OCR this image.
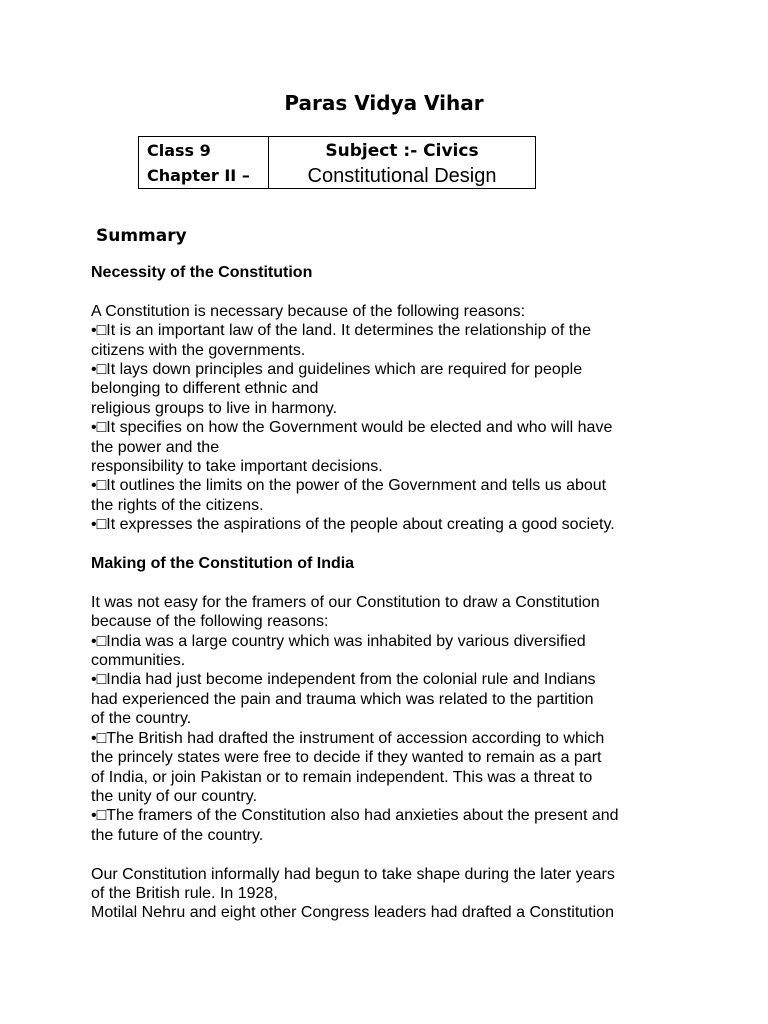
Paras Vidya Vihar
Class 9
Chapter II –

Subject :- Civics
Constitutional Design
Summary
Necessity of the Constitution
A Constitution is necessary because of the following reasons:
•□It is an important law of the land. It determines the relationship of the
citizens with the governments.
•□It lays down principles and guidelines which are required for people
belonging to different ethnic and
religious groups to live in harmony.
•□It specifies on how the Government would be elected and who will have
the power and the
responsibility to take important decisions.
•□It outlines the limits on the power of the Government and tells us about
the rights of the citizens.
•□It expresses the aspirations of the people about creating a good society.
Making of the Constitution of India
It was not easy for the framers of our Constitution to draw a Constitution
because of the following reasons:
•□India was a large country which was inhabited by various diversified
communities.
•□India had just become independent from the colonial rule and Indians
had experienced the pain and trauma which was related to the partition
of the country.
•□The British had drafted the instrument of accession according to which
the princely states were free to decide if they wanted to remain as a part
of India, or join Pakistan or to remain independent. This was a threat to
the unity of our country.
•□The framers of the Constitution also had anxieties about the present and
the future of the country.
Our Constitution informally had begun to take shape during the later years
of the British rule. In 1928,
Motilal Nehru and eight other Congress leaders had drafted a Constitution
